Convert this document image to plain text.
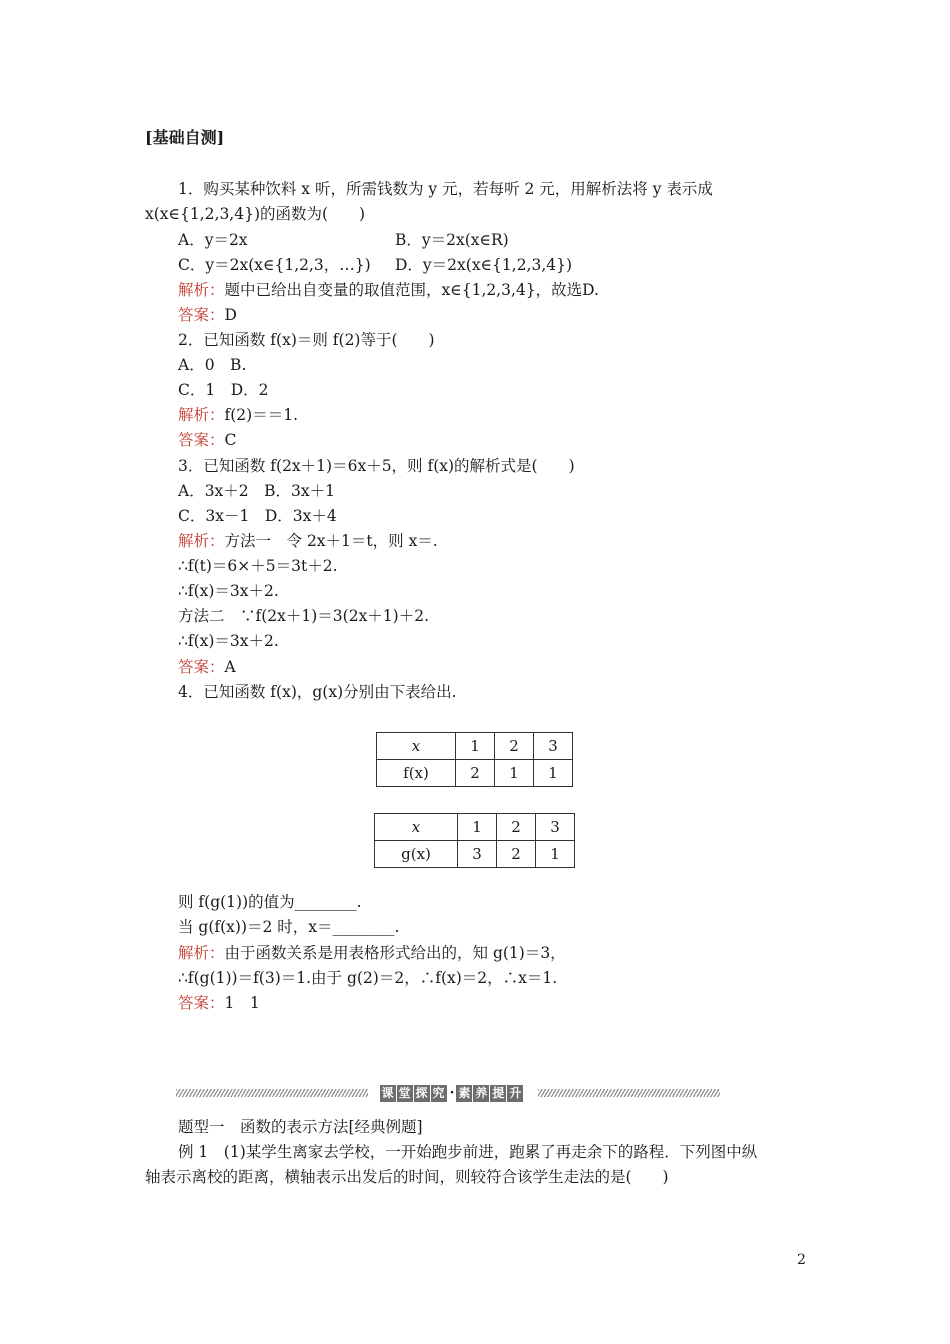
[基础自测]
1．购买某种饮料 x 听，所需钱数为 y 元，若每听 2 元，用解析法将 y 表示成
x(x∈{1,2,3,4})的函数为(　　)
A．y＝2x	B．y＝2x(x∈R)
C．y＝2x(x∈{1,2,3，…}) D．y＝2x(x∈{1,2,3,4})
解析：题中已给出自变量的取值范围，x∈{1,2,3,4}，故选D.
答案：D
2．已知函数 f(x)＝则 f(2)等于(　　)
A．0　B.
C．1　D．2
解析：f(2)＝＝1.
答案：C
3．已知函数 f(2x＋1)＝6x＋5，则 f(x)的解析式是(　　)
A．3x＋2　B．3x＋1
C．3x－1　D．3x＋4
解析：方法一　令 2x＋1＝t，则 x＝.
∴f(t)＝6×＋5＝3t＋2.
∴f(x)＝3x＋2.
方法二　∵f(2x＋1)＝3(2x＋1)＋2.
∴f(x)＝3x＋2.
答案：A
4．已知函数 f(x)，g(x)分别由下表给出.
x	1	2	3
f(x)	2	1	1
x	1	2	3
g(x)	3	2	1
则 f(g(1))的值为________.
当 g(f(x))＝2 时，x＝________.
解析：由于函数关系是用表格形式给出的，知 g(1)＝3，
∴f(g(1))＝f(3)＝1.由于 g(2)＝2，∴f(x)＝2，∴x＝1.
答案：1　1
课 堂 探 究 · 素 养 提 升
题型一　函数的表示方法[经典例题]
例 1　(1)某学生离家去学校，一开始跑步前进，跑累了再走余下的路程．下列图中纵
轴表示离校的距离，横轴表示出发后的时间，则较符合该学生走法的是(　　)
2
